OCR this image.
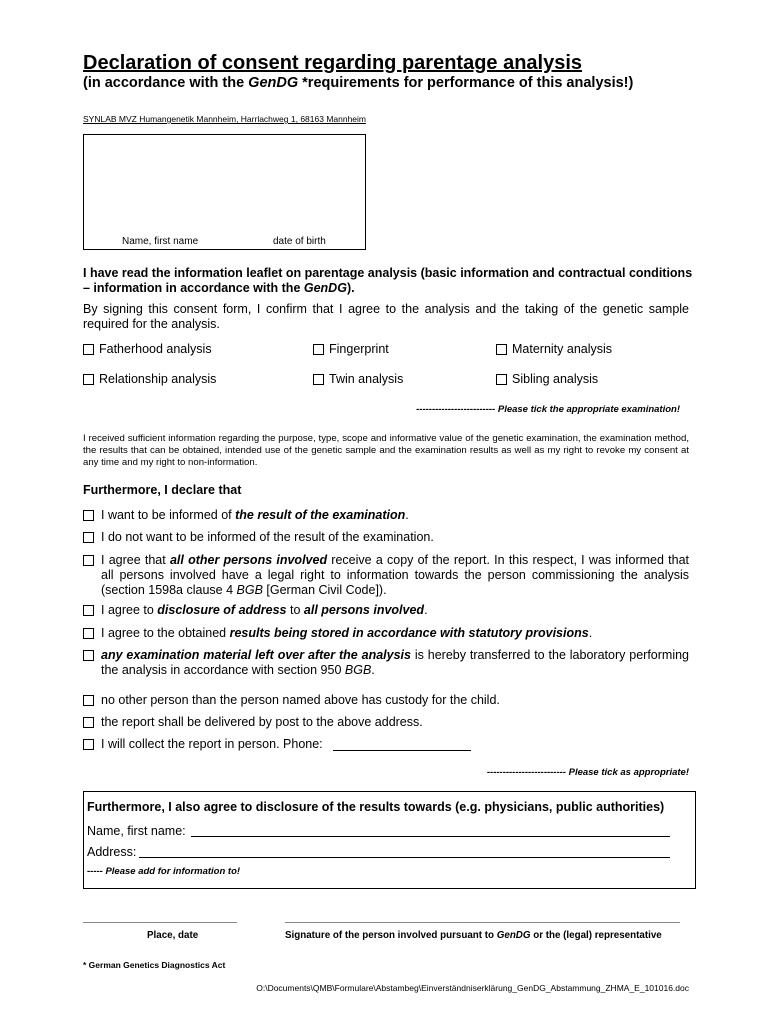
Declaration of consent regarding parentage analysis
(in accordance with the GenDG *requirements for performance of this analysis!)
SYNLAB MVZ Humangenetik Mannheim, Harrlachweg 1, 68163 Mannheim
Name, first name	date of birth
I have read the information leaflet on parentage analysis (basic information and contractual conditions – information in accordance with the GenDG).
By signing this consent form, I confirm that I agree to the analysis and the taking of the genetic sample required for the analysis.
Fatherhood analysis	Fingerprint	Maternity analysis
Relationship analysis	Twin analysis	Sibling analysis
------------------------- Please tick the appropriate examination!
I received sufficient information regarding the purpose, type, scope and informative value of the genetic examination, the examination method, the results that can be obtained, intended use of the genetic sample and the examination results as well as my right to revoke my consent at any time and my right to non-information.
Furthermore, I declare that
I want to be informed of the result of the examination.
I do not want to be informed of the result of the examination.
I agree that all other persons involved receive a copy of the report. In this respect, I was informed that all persons involved have a legal right to information towards the person commissioning the analysis (section 1598a clause 4 BGB [German Civil Code]).
I agree to disclosure of address to all persons involved.
I agree to the obtained results being stored in accordance with statutory provisions.
any examination material left over after the analysis is hereby transferred to the laboratory performing the analysis in accordance with section 950 BGB.
no other person than the person named above has custody for the child.
the report shall be delivered by post to the above address.
I will collect the report in person. Phone:
------------------------- Please tick as appropriate!
Furthermore, I also agree to disclosure of the results towards (e.g. physicians, public authorities)
Name, first name:
Address:
----- Please add for information to!
Place, date	Signature of the person involved pursuant to GenDG or the (legal) representative
* German Genetics Diagnostics Act
O:\Documents\QMB\Formulare\Abstambeg\Einverständniserklärung_GenDG_Abstammung_ZHMA_E_101016.doc
